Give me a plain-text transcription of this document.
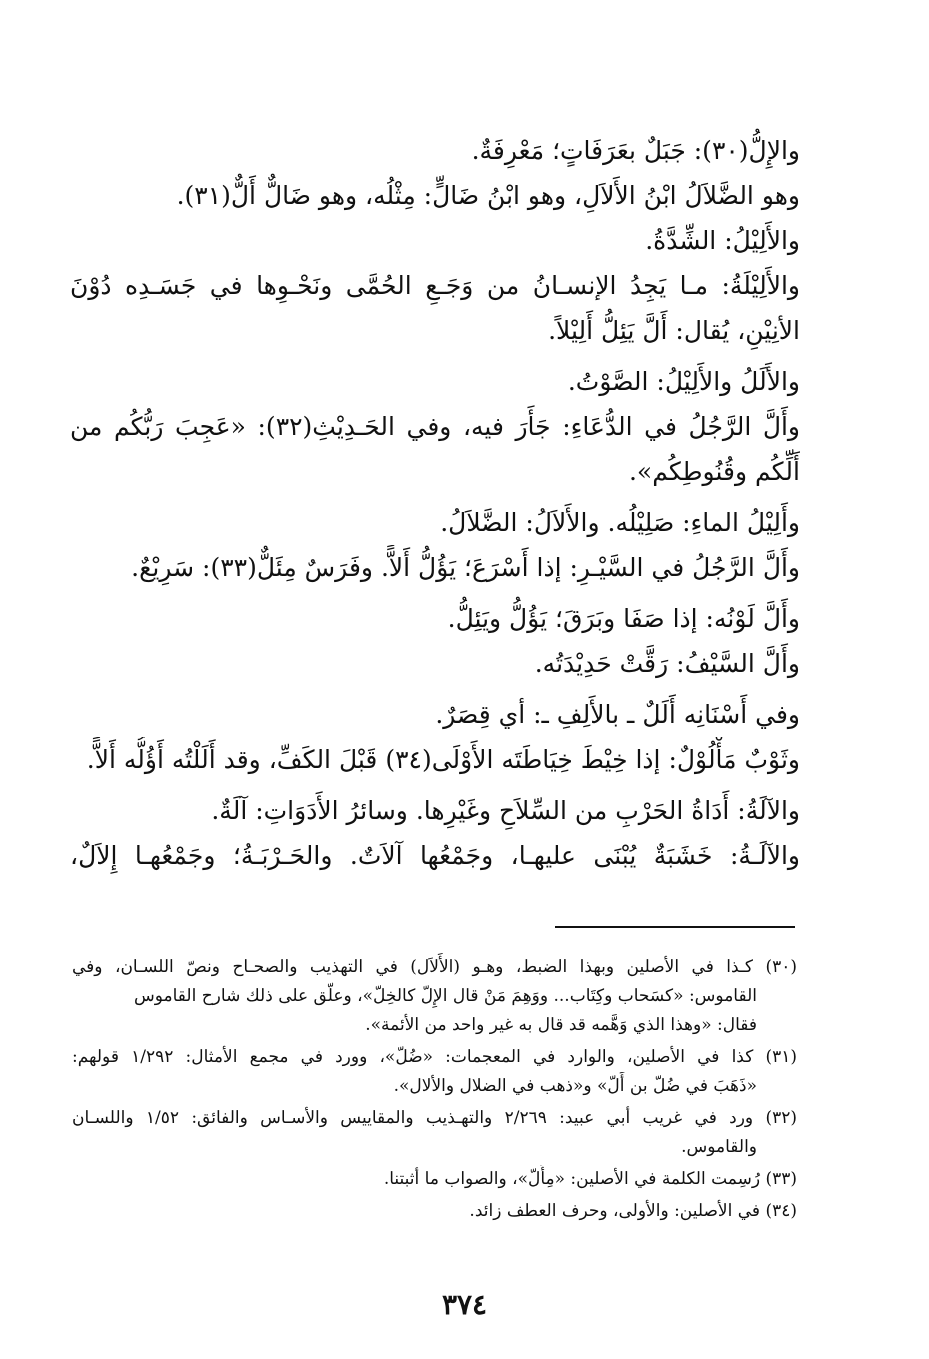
والإِلُّ(٣٠): جَبَلٌ بعَرَفَاتٍ؛ مَعْرِفَةٌ.
وهو الضَّلاَلُ ابْنُ الأَلاَلِ، وهو ابْنُ ضَالٍّ: مِثْلُه، وهو ضَالٌّ أَلٌّ(٣١).
والأَلِيْلُ: الشِّدَّةُ.
والأَلِيْلَةُ: مـا يَجِدُ الإنسـانُ من وَجَـعِ الحُمَّى ونَحْـوِها في جَسَـدِه دُوْنَ
الأنِيْنِ، يُقال: أَلَّ يَئِلُّ أَلِيْلاً.
والأَلَلُ والأَلِيْلُ: الصَّوْتُ.
وأَلَّ الرَّجُلُ في الدُّعَاءِ: جَأَرَ فيه، وفي الحَـدِيْثِ(٣٢): «عَجِبَ رَبُّكُم من
أَلِّكُم وقُنُوطِكُم».
وأَلِيْلُ الماءِ: صَلِيْلُه. والأَلاَلُ: الضَّلاَلُ.
وأَلَّ الرَّجُلُ في السَّيْـرِ: إذا أَسْرَعَ؛ يَؤُلُّ أَلاًّ. وفَرَسٌ مِئَلٌّ(٣٣): سَرِيْعٌ.
وأَلَّ لَوْنُه: إذا صَفَا وبَرَقَ؛ يَؤُلُّ ويَئِلُّ.
وأَلَّ السَّيْفُ: رَقَّتْ حَدِيْدَتُه.
وفي أَسْنَانِه أَلَلٌ ـ بالأَلِفِ ـ: أي قِصَرٌ.
وثَوْبٌ مَأْلُوْلٌ: إذا خِيْطَ خِيَاطَتَه الأَوْلَى(٣٤) قَبْلَ الكَفِّ، وقد أَلَلْتُه أَؤُلُّه أَلاًّ.
والآلَةُ: أَدَاةُ الحَرْبِ من السِّلاَحِ وغَيْرِها. وسائرُ الأَدَوَاتِ: آلَةٌ.
والآلَـةُ: خَشَبَةٌ يُبْنَى عليهـا، وجَمْعُها آلاَتٌ. والحَـرْبَـةُ؛ وجَمْعُهـا إِلاَلٌ،
(٣٠) كـذا في الأصلين وبهذا الضبط، وهـو (الأَلاَل) في التهذيب والصحـاح ونصّ اللسـان، وفي
القاموس: «كسَحاب وكِتَاب... ووَهِمَ مَنْ قال الإِلّ كالخِلّ»، وعلّق على ذلك شارح القاموس
فقال: «وهذا الذي وَهَّمه قد قال به غير واحد من الأئمة».
(٣١) كذا في الأصلين، والوارد في المعجمات: «ضُلّ»، وورد في مجمع الأمثال: ١/٢٩٢ قولهم:
«ذَهَبَ في ضُلّ بن أَلّ» و«ذهب في الضلال والألال».
(٣٢) ورد في غريب أبي عبيد: ٢/٢٦٩ والتهـذيب والمقاييس والأسـاس والفائق: ١/٥٢ واللسـان
والقاموس.
(٣٣) رُسِمت الكلمة في الأصلين: «مِأَلّ»، والصواب ما أثبتنا.
(٣٤) في الأصلين: والأولى، وحرف العطف زائد.
٣٧٤
